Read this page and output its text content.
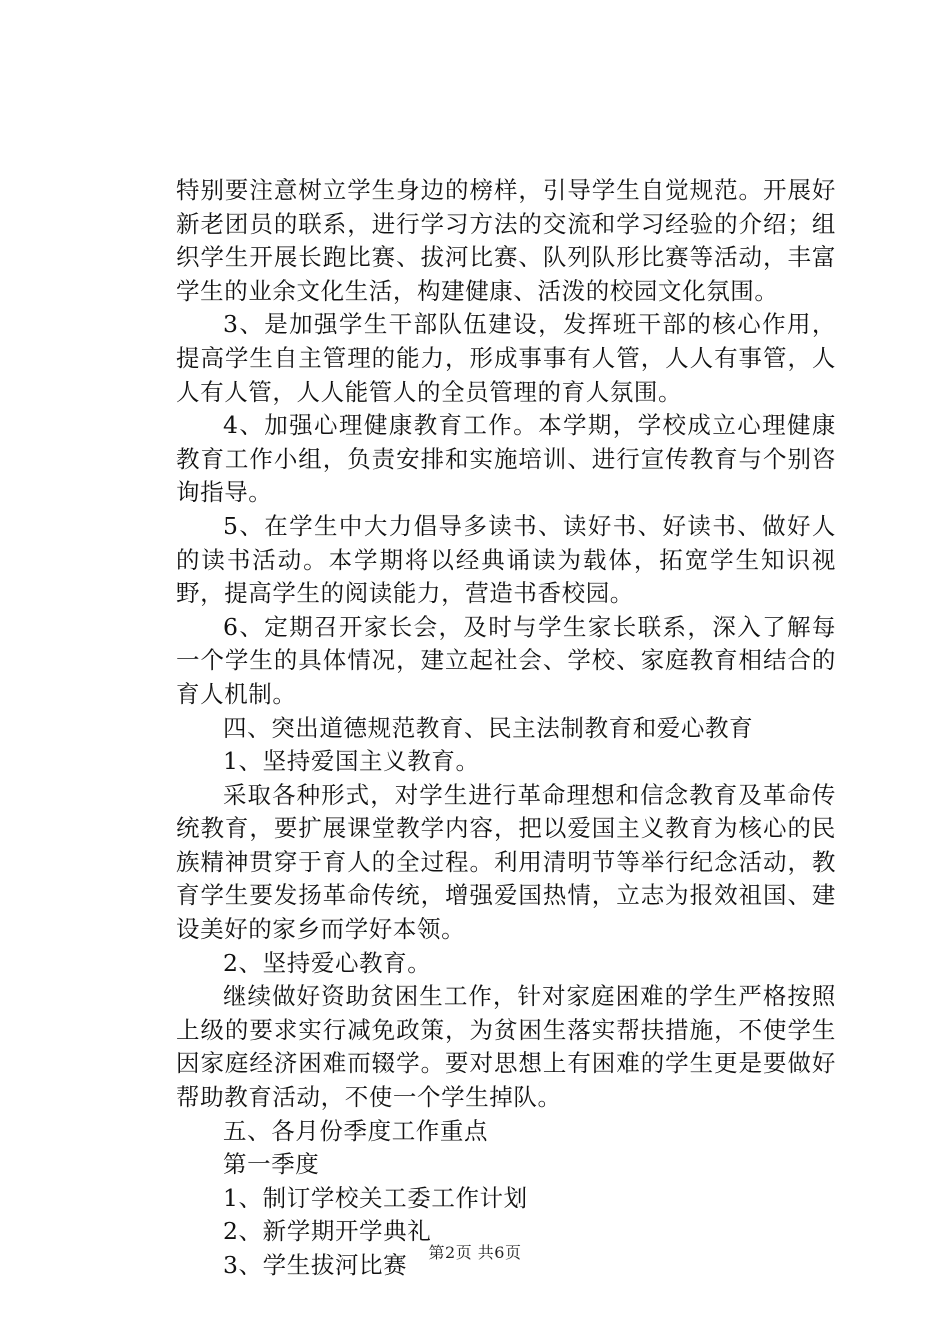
特别要注意树立学生身边的榜样，引导学生自觉规范。开展好新老团员的联系，进行学习方法的交流和学习经验的介绍；组织学生开展长跑比赛、拔河比赛、队列队形比赛等活动，丰富学生的业余文化生活，构建健康、活泼的校园文化氛围。

3、是加强学生干部队伍建设，发挥班干部的核心作用，提高学生自主管理的能力，形成事事有人管，人人有事管，人人有人管，人人能管人的全员管理的育人氛围。

4、加强心理健康教育工作。本学期，学校成立心理健康教育工作小组，负责安排和实施培训、进行宣传教育与个别咨询指导。

5、在学生中大力倡导多读书、读好书、好读书、做好人的读书活动。本学期将以经典诵读为载体，拓宽学生知识视野，提高学生的阅读能力，营造书香校园。

6、定期召开家长会，及时与学生家长联系，深入了解每一个学生的具体情况，建立起社会、学校、家庭教育相结合的育人机制。

四、突出道德规范教育、民主法制教育和爱心教育

1、坚持爱国主义教育。

采取各种形式，对学生进行革命理想和信念教育及革命传统教育，要扩展课堂教学内容，把以爱国主义教育为核心的民族精神贯穿于育人的全过程。利用清明节等举行纪念活动，教育学生要发扬革命传统，增强爱国热情，立志为报效祖国、建设美好的家乡而学好本领。

2、坚持爱心教育。

继续做好资助贫困生工作，针对家庭困难的学生严格按照上级的要求实行减免政策，为贫困生落实帮扶措施，不使学生因家庭经济困难而辍学。要对思想上有困难的学生更是要做好帮助教育活动，不使一个学生掉队。

五、各月份季度工作重点

第一季度

1、制订学校关工委工作计划

2、新学期开学典礼

3、学生拔河比赛	第2页 共6页
